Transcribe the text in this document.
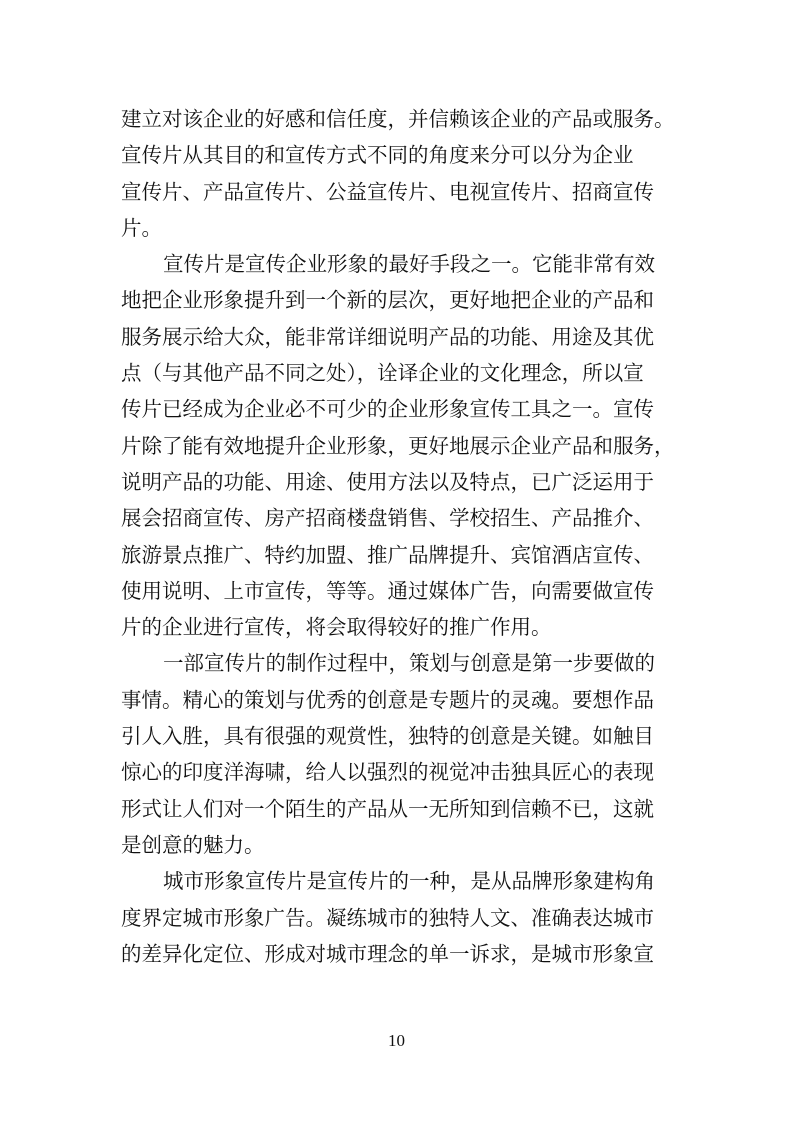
建立对该企业的好感和信任度，并信赖该企业的产品或服务。
宣传片从其目的和宣传方式不同的角度来分可以分为企业
宣传片、产品宣传片、公益宣传片、电视宣传片、招商宣传
片。
宣传片是宣传企业形象的最好手段之一。它能非常有效
地把企业形象提升到一个新的层次，更好地把企业的产品和
服务展示给大众，能非常详细说明产品的功能、用途及其优
点（与其他产品不同之处），诠译企业的文化理念，所以宣
传片已经成为企业必不可少的企业形象宣传工具之一。宣传
片除了能有效地提升企业形象，更好地展示企业产品和服务，
说明产品的功能、用途、使用方法以及特点，已广泛运用于
展会招商宣传、房产招商楼盘销售、学校招生、产品推介、
旅游景点推广、特约加盟、推广品牌提升、宾馆酒店宣传、
使用说明、上市宣传，等等。通过媒体广告，向需要做宣传
片的企业进行宣传，将会取得较好的推广作用。
一部宣传片的制作过程中，策划与创意是第一步要做的
事情。精心的策划与优秀的创意是专题片的灵魂。要想作品
引人入胜，具有很强的观赏性，独特的创意是关键。如触目
惊心的印度洋海啸，给人以强烈的视觉冲击独具匠心的表现
形式让人们对一个陌生的产品从一无所知到信赖不已，这就
是创意的魅力。
城市形象宣传片是宣传片的一种，是从品牌形象建构角
度界定城市形象广告。凝练城市的独特人文、准确表达城市
的差异化定位、形成对城市理念的单一诉求，是城市形象宣
10
